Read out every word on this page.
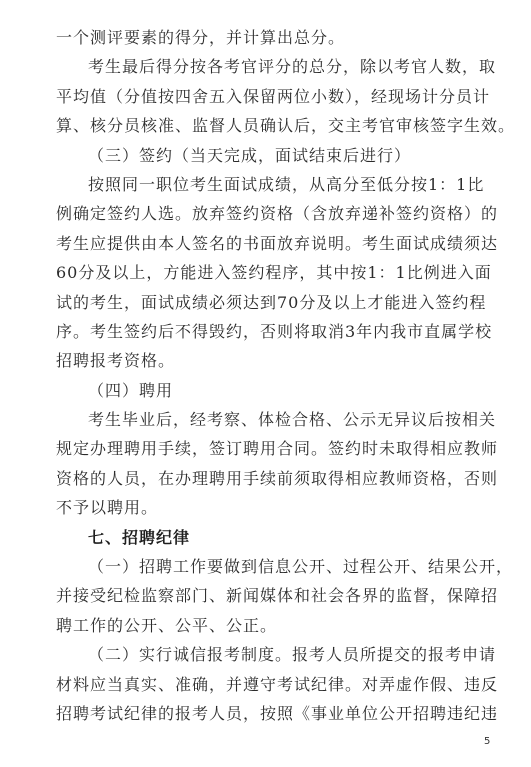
一个测评要素的得分，并计算出总分。
考生最后得分按各考官评分的总分，除以考官人数，取
平均值（分值按四舍五入保留两位小数），经现场计分员计
算、核分员核准、监督人员确认后，交主考官审核签字生效。
（三）签约（当天完成，面试结束后进行）
按照同一职位考生面试成绩，从高分至低分按1：1比
例确定签约人选。放弃签约资格（含放弃递补签约资格）的
考生应提供由本人签名的书面放弃说明。考生面试成绩须达
60分及以上，方能进入签约程序，其中按1：1比例进入面
试的考生，面试成绩必须达到70分及以上才能进入签约程
序。考生签约后不得毁约，否则将取消3年内我市直属学校
招聘报考资格。
（四）聘用
考生毕业后，经考察、体检合格、公示无异议后按相关
规定办理聘用手续，签订聘用合同。签约时未取得相应教师
资格的人员，在办理聘用手续前须取得相应教师资格，否则
不予以聘用。
七、招聘纪律
（一）招聘工作要做到信息公开、过程公开、结果公开，
并接受纪检监察部门、新闻媒体和社会各界的监督，保障招
聘工作的公开、公平、公正。
（二）实行诚信报考制度。报考人员所提交的报考申请
材料应当真实、准确，并遵守考试纪律。对弄虚作假、违反
招聘考试纪律的报考人员，按照《事业单位公开招聘违纪违
5
